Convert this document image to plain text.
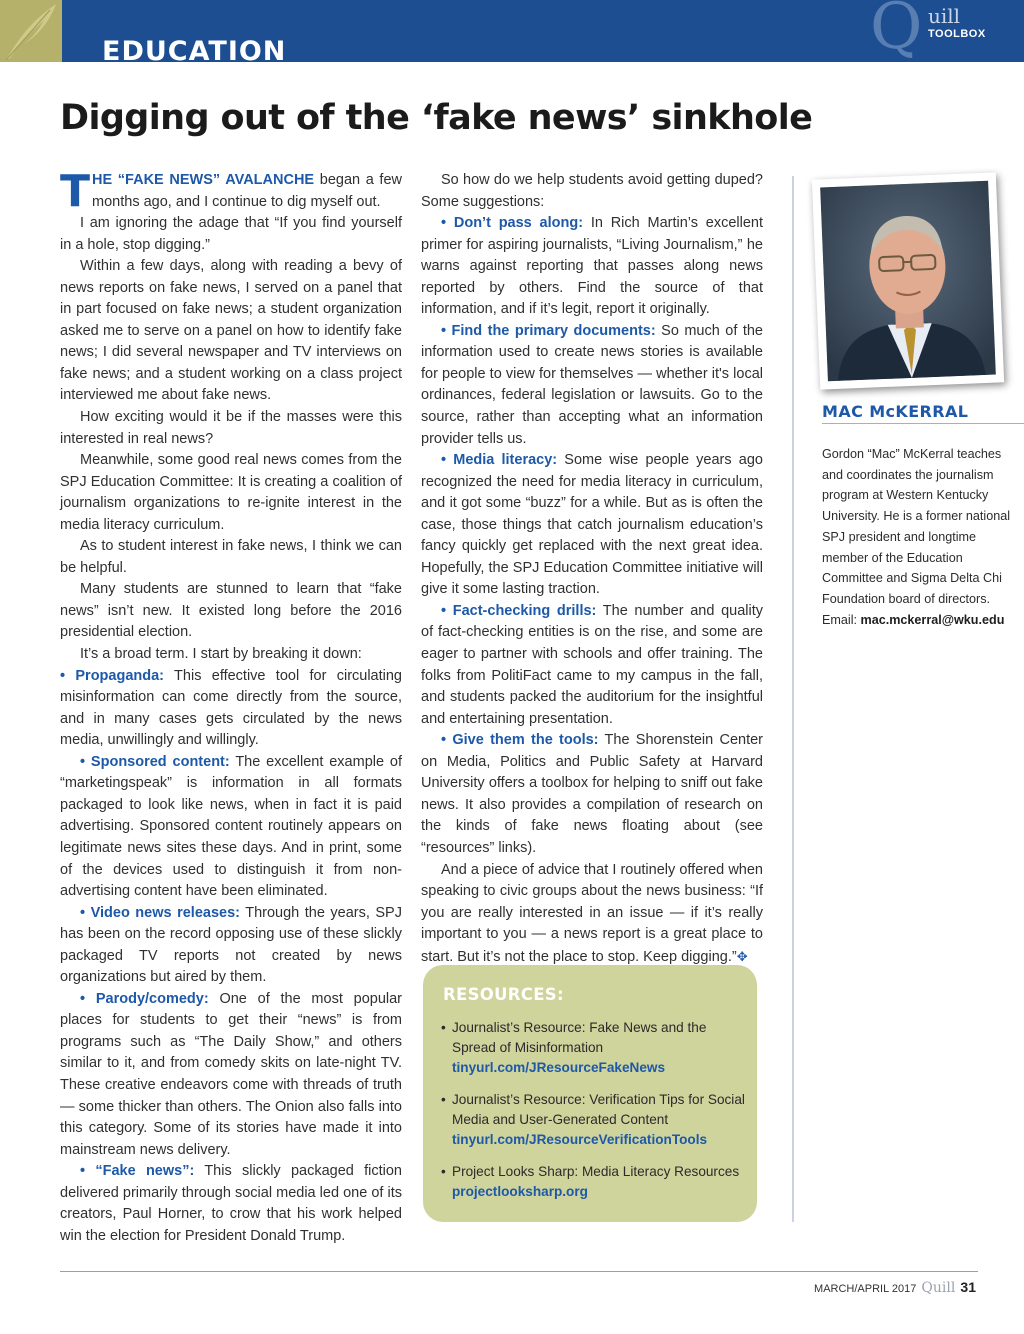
EDUCATION	Q uill
TOOLBOX
Digging out of the ‘fake news’ sinkhole

THE “FAKE NEWS” AVALANCHE began a few months ago, and I continue to dig myself out.

I am ignoring the adage that “If you find yourself in a hole, stop digging.”

Within a few days, along with reading a bevy of news reports on fake news, I served on a panel that in part focused on fake news; a student organization asked me to serve on a panel on how to identify fake news; I did several newspaper and TV interviews on fake news; and a student working on a class project interviewed me about fake news.

How exciting would it be if the masses were this interested in real news?

Meanwhile, some good real news comes from the SPJ Education Committee: It is creating a coalition of journalism organizations to re-ignite interest in the media literacy curriculum.

As to student interest in fake news, I think we can be helpful.

Many students are stunned to learn that “fake news” isn’t new. It existed long before the 2016 presidential election.

It’s a broad term. I start by breaking it down:

• Propaganda: This effective tool for circulating misinformation can come directly from the source, and in many cases gets circulated by the news media, unwillingly and willingly.

• Sponsored content: The excellent example of “marketingspeak” is information in all formats packaged to look like news, when in fact it is paid advertising. Sponsored content routinely appears on legitimate news sites these days. And in print, some of the devices used to distinguish it from non-advertising content have been eliminated.

• Video news releases: Through the years, SPJ has been on the record opposing use of these slickly packaged TV reports not created by news organizations but aired by them.

• Parody/comedy: One of the most popular places for students to get their “news” is from programs such as “The Daily Show,” and others similar to it, and from comedy skits on late-night TV. These creative endeavors come with threads of truth — some thicker than others. The Onion also falls into this category. Some of its stories have made it into mainstream news delivery.

• “Fake news”: This slickly packaged fiction delivered primarily through social media led one of its creators, Paul Horner, to crow that his work helped win the election for President Donald Trump.

So how do we help students avoid getting duped? Some suggestions:

• Don’t pass along: In Rich Martin’s excellent primer for aspiring journalists, “Living Journalism,” he warns against reporting that passes along news reported by others. Find the source of that information, and if it’s legit, report it originally.

• Find the primary documents: So much of the information used to create news stories is available for people to view for themselves — whether it's local ordinances, federal legislation or lawsuits. Go to the source, rather than accepting what an information provider tells us.

• Media literacy: Some wise people years ago recognized the need for media literacy in curriculum, and it got some “buzz” for a while. But as is often the case, those things that catch journalism education’s fancy quickly get replaced with the next great idea. Hopefully, the SPJ Education Committee initiative will give it some lasting traction.

• Fact-checking drills: The number and quality of fact-checking entities is on the rise, and some are eager to partner with schools and offer training. The folks from PolitiFact came to my campus in the fall, and students packed the auditorium for the insightful and entertaining presentation.

• Give them the tools: The Shorenstein Center on Media, Politics and Public Safety at Harvard University offers a toolbox for helping to sniff out fake news. It also provides a compilation of research on the kinds of fake news floating about (see “resources” links).

And a piece of advice that I routinely offered when speaking to civic groups about the news business: “If you are really interested in an issue — if it’s really important to you — a news report is a great place to start. But it’s not the place to stop. Keep digging.”✥

MAC McKERRAL
Gordon “Mac” McKerral teaches and coordinates the journalism program at Western Kentucky University. He is a former national SPJ president and longtime member of the Education Committee and Sigma Delta Chi Foundation board of directors. Email: mac.mckerral@wku.edu
RESOURCES:
• Journalist’s Resource: Fake News and the Spread of Misinformation
tinyurl.com/JResourceFakeNews
• Journalist’s Resource: Verification Tips for Social Media and User-Generated Content
tinyurl.com/JResourceVerificationTools
• Project Looks Sharp: Media Literacy Resources
projectlooksharp.org
MARCH/APRIL 2017 Quill 31
